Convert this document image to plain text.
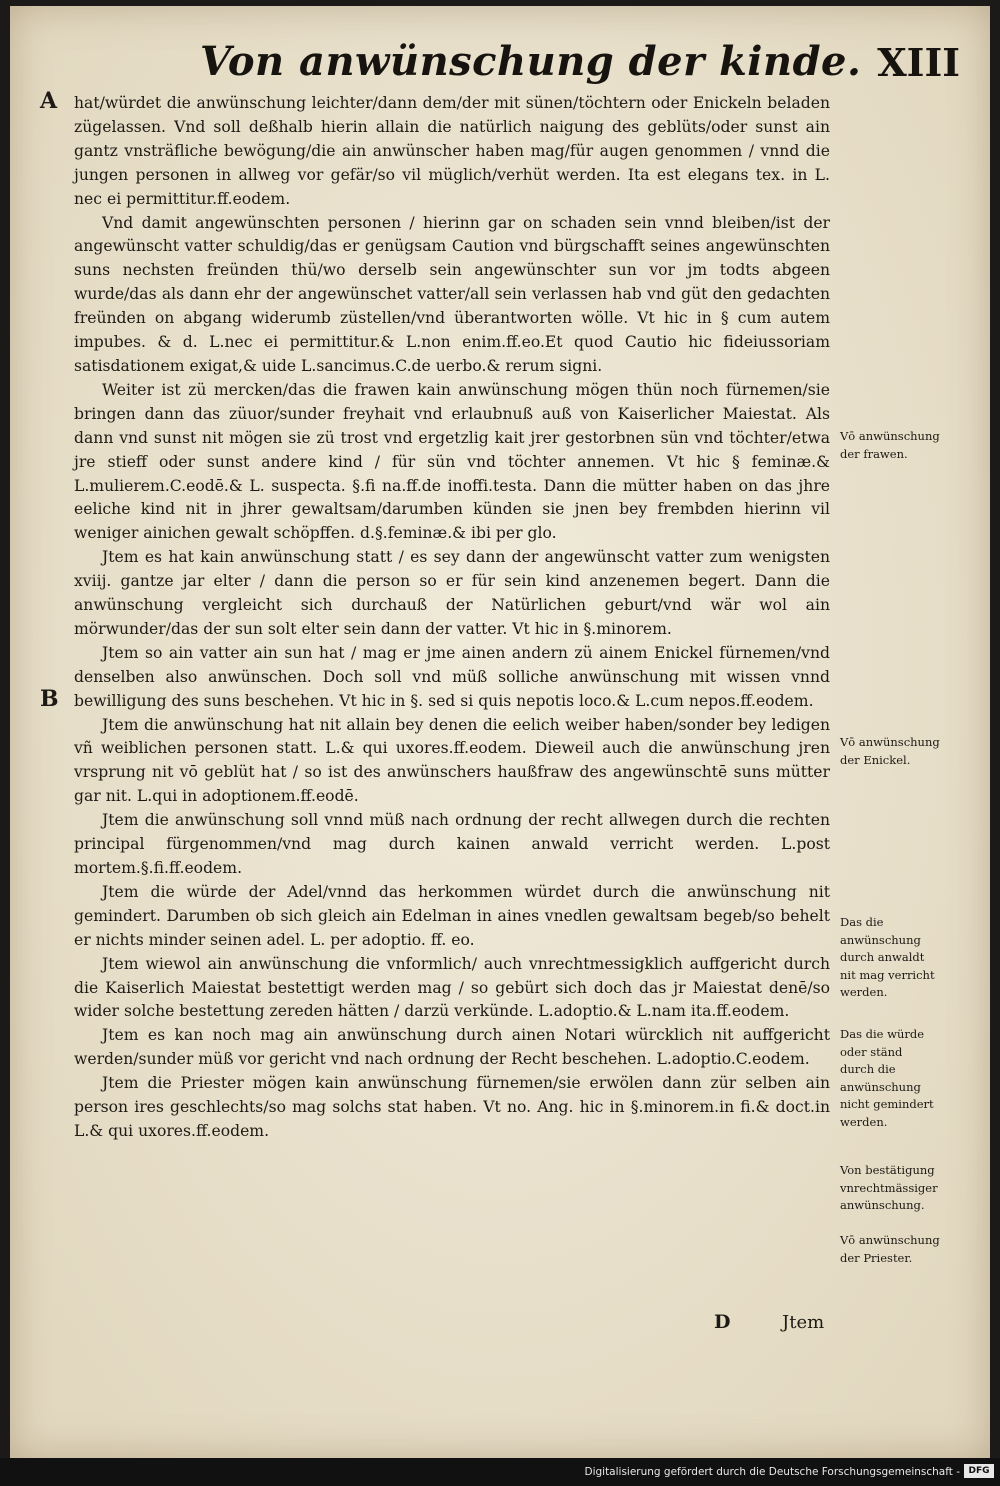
Von anwünschung der kinde. XIII
A
B

hat/würdet die anwünschung leichter/dann dem/der mit sünen/töchtern oder Enickeln beladen zügelassen. Vnd soll deßhalb hierin allain die natürlich naigung des geblüts/oder sunst ain gantz vnsträfliche bewögung/die ain anwünscher haben mag/für augen genommen / vnnd die jungen personen in allweg vor gefär/so vil müglich/verhüt werden. Ita est elegans tex. in L. nec ei permittitur.ff.eodem.

Vnd damit angewünschten personen / hierinn gar on schaden sein vnnd bleiben/ist der angewünscht vatter schuldig/das er genügsam Caution vnd bürgschafft seines angewünschten suns nechsten freünden thü/wo derselb sein angewünschter sun vor jm todts abgeen wurde/das als dann ehr der angewünschet vatter/all sein verlassen hab vnd güt den gedachten freünden on abgang widerumb züstellen/vnd überantworten wölle. Vt hic in § cum autem impubes. & d. L.nec ei permittitur.& L.non enim.ff.eo.Et quod Cautio hic fideiussoriam satisdationem exigat,& uide L.sancimus.C.de uerbo.& rerum signi.

Weiter ist zü mercken/das die frawen kain anwünschung mögen thün noch fürnemen/sie bringen dann das züuor/sunder freyhait vnd erlaubnuß auß von Kaiserlicher Maiestat. Als dann vnd sunst nit mögen sie zü trost vnd ergetzlig kait jrer gestorbnen sün vnd töchter/etwa jre stieff oder sunst andere kind / für sün vnd töchter annemen. Vt hic § feminæ.& L.mulierem.C.eodē.& L. suspecta. §.fi na.ff.de inoffi.testa. Dann die mütter haben on das jhre eeliche kind nit in jhrer gewaltsam/darumben künden sie jnen bey frembden hierinn vil weniger ainichen gewalt schöpffen. d.§.feminæ.& ibi per glo.

Jtem es hat kain anwünschung statt / es sey dann der angewünscht vatter zum wenigsten xviij. gantze jar elter / dann die person so er für sein kind anzenemen begert. Dann die anwünschung vergleicht sich durchauß der Natürlichen geburt/vnd wär wol ain mörwunder/das der sun solt elter sein dann der vatter. Vt hic in §.minorem.

Jtem so ain vatter ain sun hat / mag er jme ainen andern zü ainem Enickel fürnemen/vnd denselben also anwünschen. Doch soll vnd müß solliche anwünschung mit wissen vnnd bewilligung des suns beschehen. Vt hic in §. sed si quis nepotis loco.& L.cum nepos.ff.eodem.

Jtem die anwünschung hat nit allain bey denen die eelich weiber haben/sonder bey ledigen vñ weiblichen personen statt. L.& qui uxores.ff.eodem. Dieweil auch die anwünschung jren vrsprung nit vō geblüt hat / so ist des anwünschers haußfraw des angewünschtē suns mütter gar nit. L.qui in adoptionem.ff.eodē.

Jtem die anwünschung soll vnnd müß nach ordnung der recht allwegen durch die rechten principal fürgenommen/vnd mag durch kainen anwald verricht werden. L.post mortem.§.fi.ff.eodem.

Jtem die würde der Adel/vnnd das herkommen würdet durch die anwünschung nit gemindert. Darumben ob sich gleich ain Edelman in aines vnedlen gewaltsam begeb/so behelt er nichts minder seinen adel. L. per adoptio. ff. eo.

Jtem wiewol ain anwünschung die vnformlich/ auch vnrechtmessigklich auffgericht durch die Kaiserlich Maiestat bestettigt werden mag / so gebürt sich doch das jr Maiestat denē/so wider solche bestettung zereden hätten / darzü verkünde. L.adoptio.& L.nam ita.ff.eodem.

Jtem es kan noch mag ain anwünschung durch ainen Notari würcklich nit auffgericht werden/sunder müß vor gericht vnd nach ordnung der Recht beschehen. L.adoptio.C.eodem.

Jtem die Priester mögen kain anwünschung fürnemen/sie erwölen dann zür selben ain person ires geschlechts/so mag solchs stat haben. Vt no. Ang. hic in §.minorem.in fi.& doct.in L.& qui uxores.ff.eodem.

Vō anwünschung der frawen.
Vō anwünschung der Enickel.
Das die anwünschung durch anwaldt nit mag verricht werden.
Das die würde oder ständ durch die anwünschung nicht gemindert werden.
Von bestätigung vnrechtmässiger anwünschung.
Vō anwünschung der Priester.
D	Jtem
Digitalisierung gefördert durch die Deutsche Forschungsgemeinschaft - DFG
